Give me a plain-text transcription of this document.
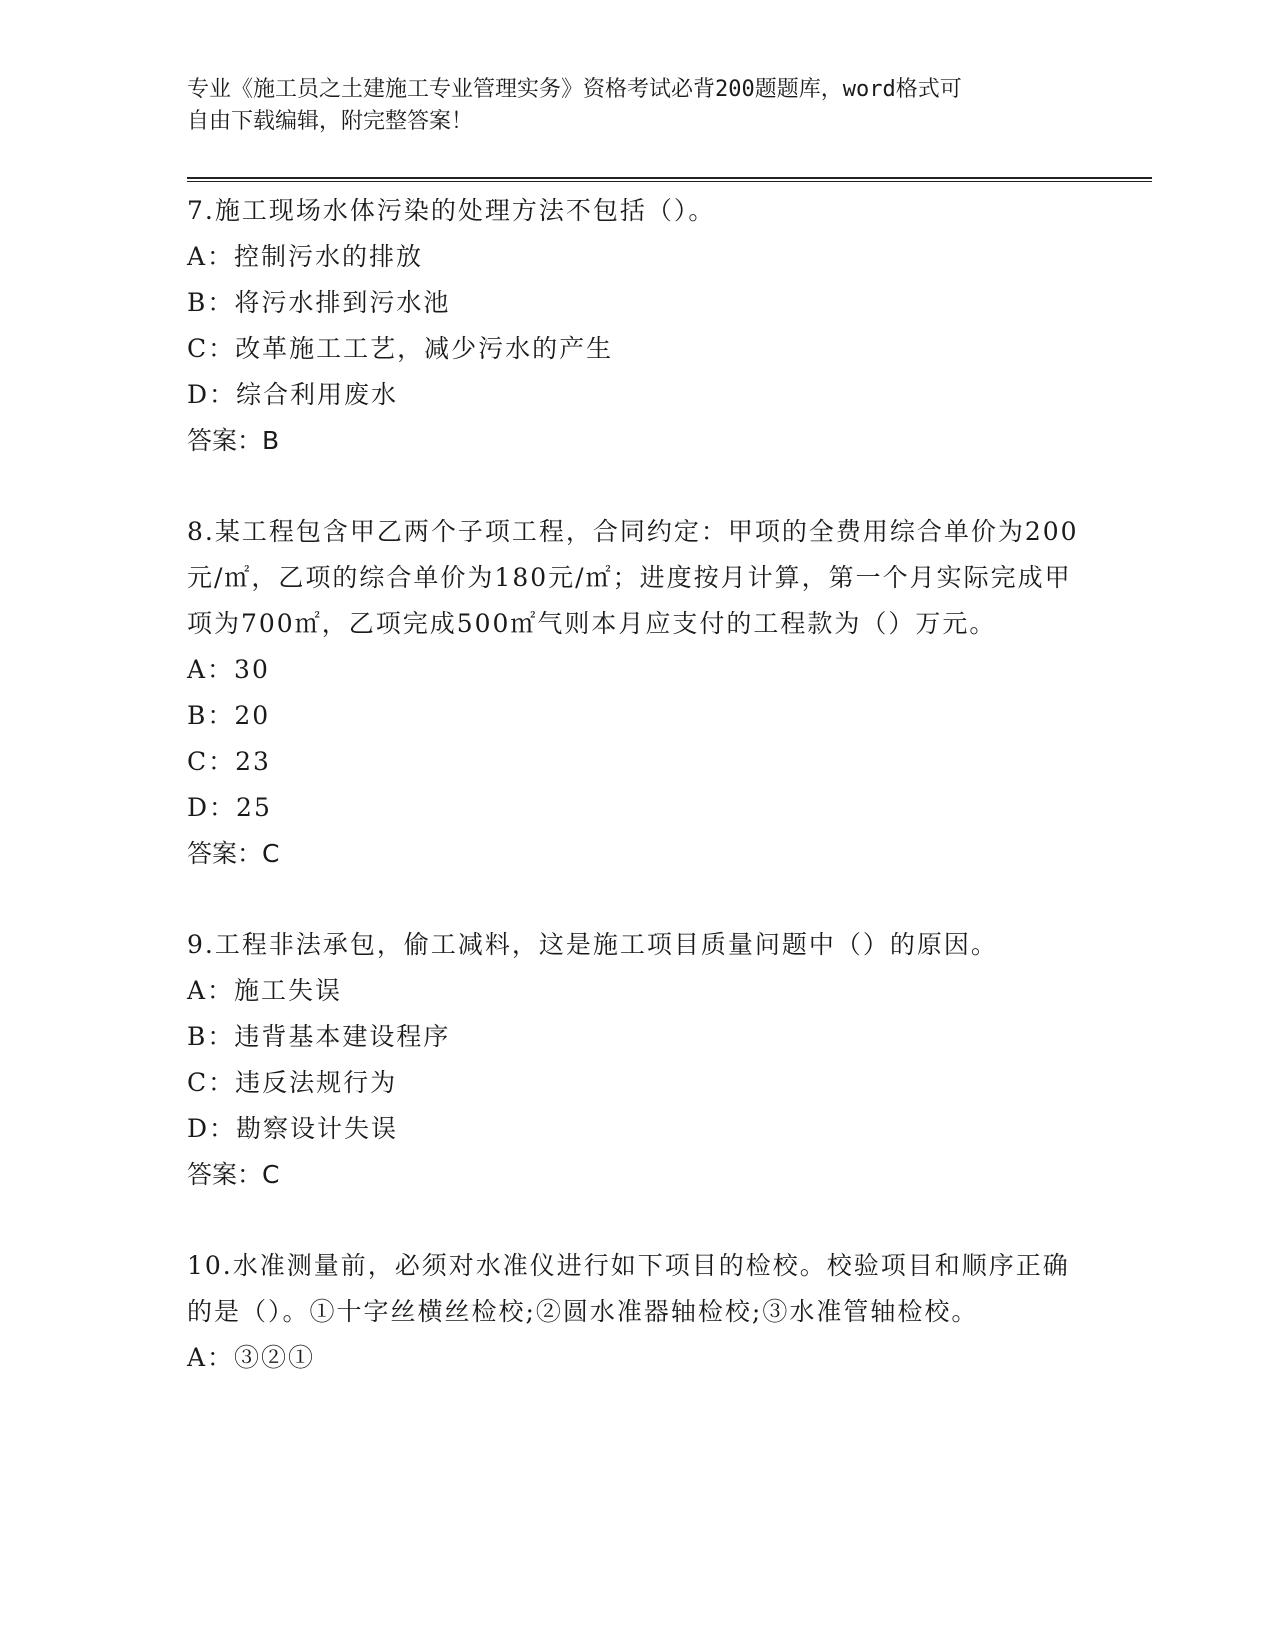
专业《施工员之土建施工专业管理实务》资格考试必背200题题库，word格式可
自由下载编辑，附完整答案！
7.施工现场水体污染的处理方法不包括（）。
A：控制污水的排放
B：将污水排到污水池
C：改革施工工艺，减少污水的产生
D：综合利用废水
答案：B
8.某工程包含甲乙两个子项工程，合同约定：甲项的全费用综合单价为200元/㎡，乙项的综合单价为180元/㎡；进度按月计算，第一个月实际完成甲项为700㎡，乙项完成500㎡气则本月应支付的工程款为（）万元。
A：30
B：20
C：23
D：25
答案：C
9.工程非法承包，偷工减料，这是施工项目质量问题中（）的原因。
A：施工失误
B：违背基本建设程序
C：违反法规行为
D：勘察设计失误
答案：C
10.水准测量前，必须对水准仪进行如下项目的检校。校验项目和顺序正确的是（）。①十字丝横丝检校;②圆水准器轴检校;③水准管轴检校。
A：③②①
